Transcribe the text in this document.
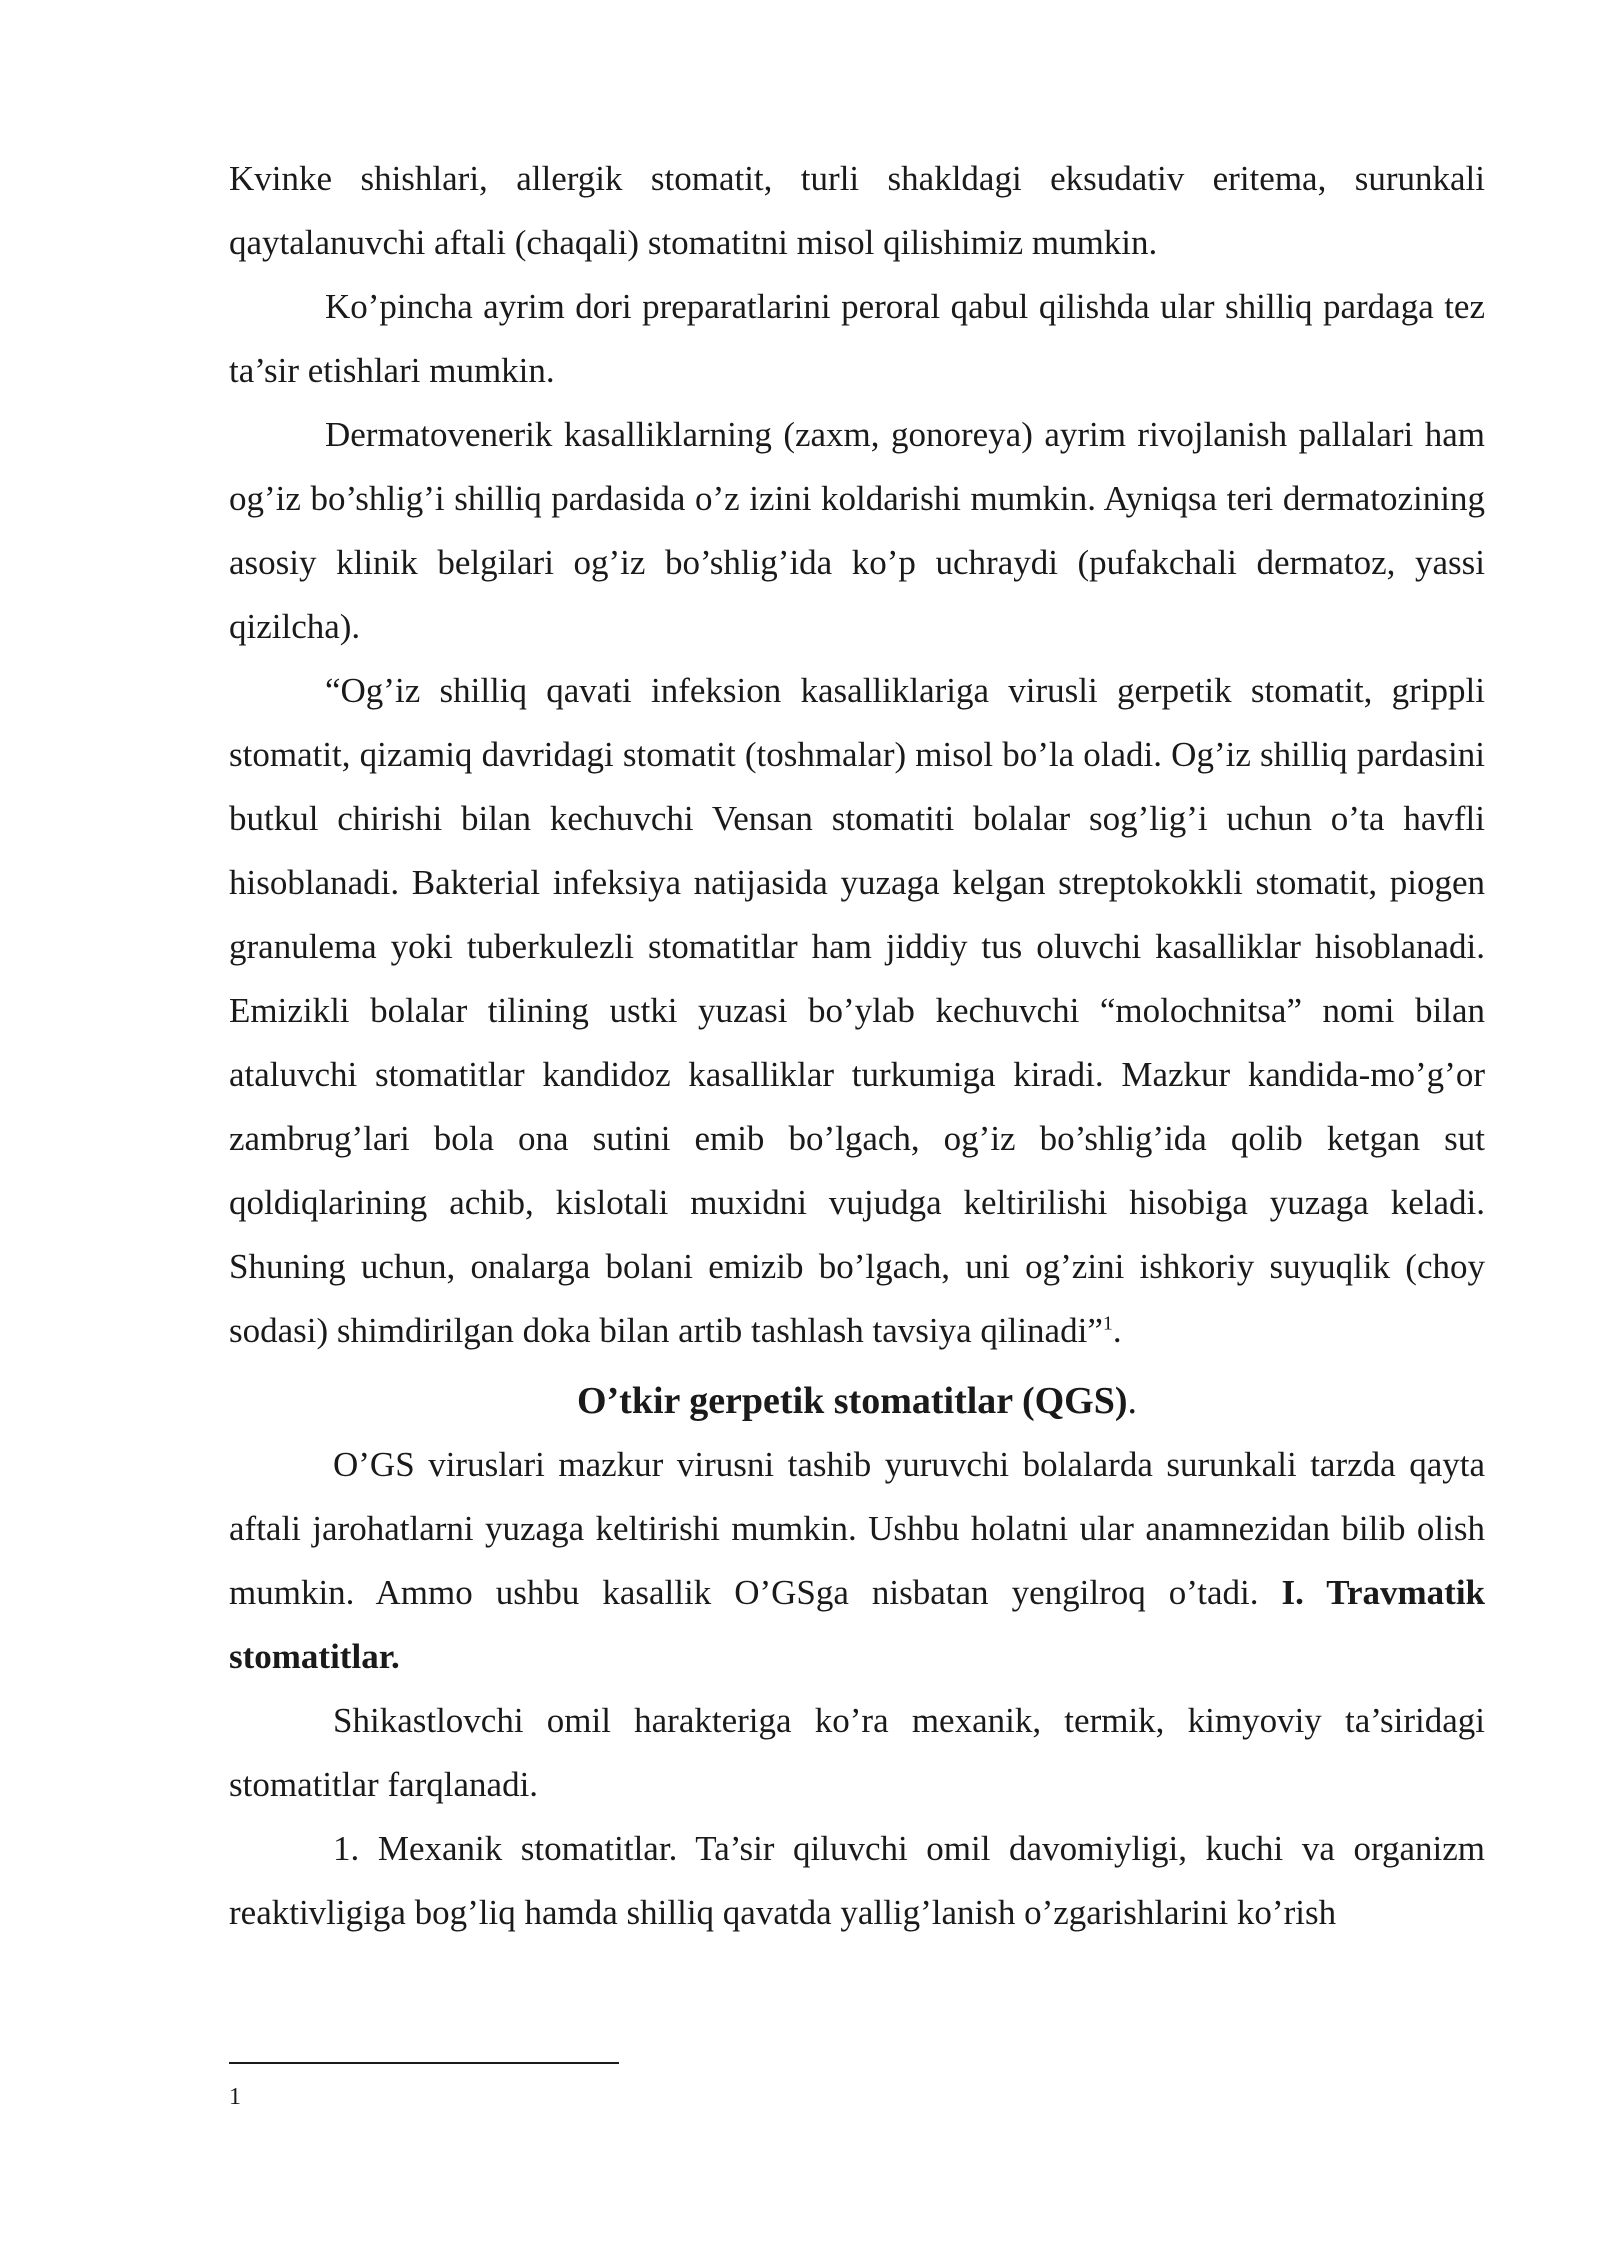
Kvinke shishlari, allergik stomatit, turli shakldagi eksudativ eritema, surunkali qaytalanuvchi aftali (chaqali) stomatitni misol qilishimiz mumkin.

Ko’pincha ayrim dori preparatlarini peroral qabul qilishda ular shilliq pardaga tez ta’sir etishlari mumkin.

Dermatovenerik kasalliklarning (zaxm, gonoreya) ayrim rivojlanish pallalari ham og’iz bo’shlig’i shilliq pardasida o’z izini koldarishi mumkin. Ayniqsa teri dermatozining asosiy klinik belgilari og’iz bo’shlig’ida ko’p uchraydi (pufakchali dermatoz, yassi qizilcha).

“Og’iz shilliq qavati infeksion kasalliklariga virusli gerpetik stomatit, grippli stomatit, qizamiq davridagi stomatit (toshmalar) misol bo’la oladi. Og’iz shilliq pardasini butkul chirishi bilan kechuvchi Vensan stomatiti bolalar sog’lig’i uchun o’ta havfli hisoblanadi. Bakterial infeksiya natijasida yuzaga kelgan streptokokkli stomatit, piogen granulema yoki tuberkulezli stomatitlar ham jiddiy tus oluvchi kasalliklar hisoblanadi. Emizikli bolalar tilining ustki yuzasi bo’ylab kechuvchi “molochnitsa” nomi bilan ataluvchi stomatitlar kandidoz kasalliklar turkumiga kiradi. Mazkur kandida-mo’g’or zambrug’lari bola ona sutini emib bo’lgach, og’iz bo’shlig’ida qolib ketgan sut qoldiqlarining achib, kislotali muxidni vujudga keltirilishi hisobiga yuzaga keladi. Shuning uchun, onalarga bolani emizib bo’lgach, uni og’zini ishkoriy suyuqlik (choy sodasi) shimdirilgan doka bilan artib tashlash tavsiya qilinadi”$^1$.

O’tkir gerpetik stomatitlar (QGS).

O’GS viruslari mazkur virusni tashib yuruvchi bolalarda surunkali tarzda qayta aftali jarohatlarni yuzaga keltirishi mumkin. Ushbu holatni ular anamnezidan bilib olish mumkin. Ammo ushbu kasallik O’GSga nisbatan yengilroq o’tadi. I. Travmatik stomatitlar.

Shikastlovchi omil harakteriga ko’ra mexanik, termik, kimyoviy ta’siridagi stomatitlar farqlanadi.

1. Mexanik stomatitlar. Ta’sir qiluvchi omil davomiyligi, kuchi va organizm reaktivligiga bog’liq hamda shilliq qavatda yallig’lanish o’zgarishlarini ko’rish

1
